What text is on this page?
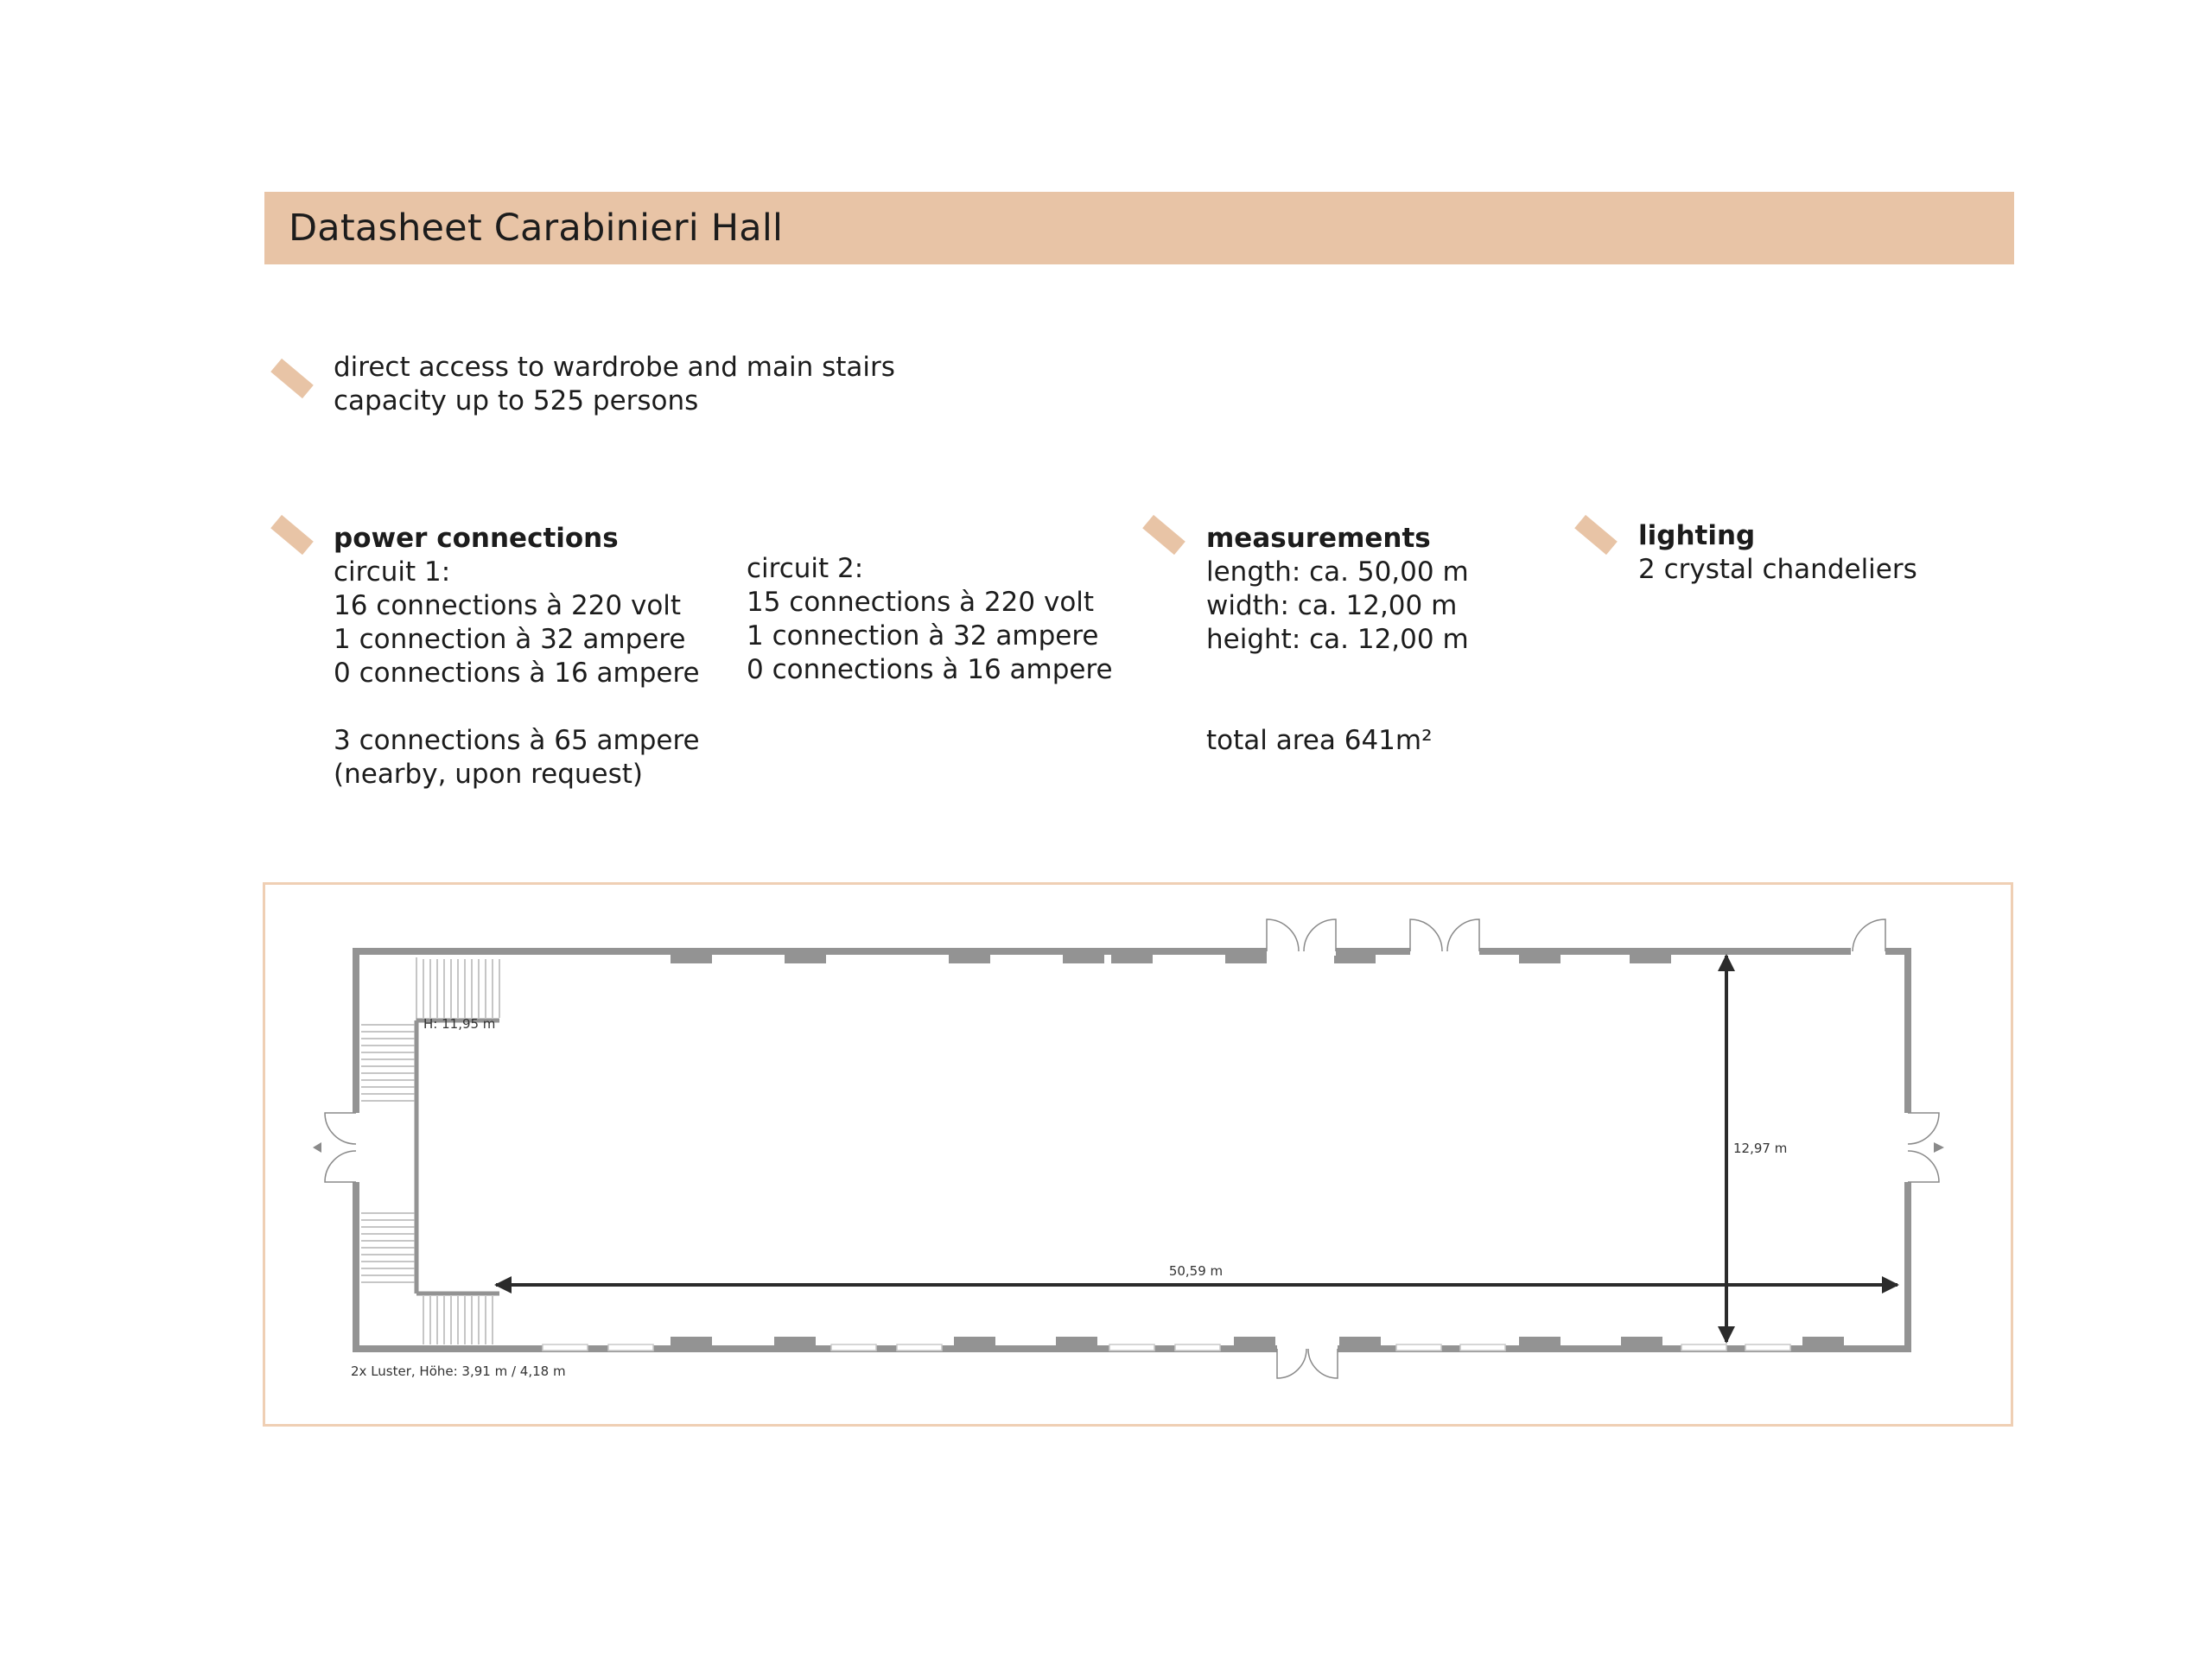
Datasheet Carabinieri Hall
direct access to wardrobe and main stairs
capacity up to 525 persons
power connections
circuit 1:
16 connections à 220 volt
1 connection à 32 ampere
0 connections à 16 ampere
3 connections à 65 ampere
(nearby, upon request)
circuit 2:
15 connections à 220 volt
1 connection à 32 ampere
0 connections à 16 ampere
measurements
length: ca. 50,00 m
width: ca. 12,00 m
height: ca. 12,00 m
total area 641m²
lighting
2 crystal chandeliers
H: 11,95 m
50,59 m
12,97 m
2x Luster, Höhe: 3,91 m / 4,18 m
